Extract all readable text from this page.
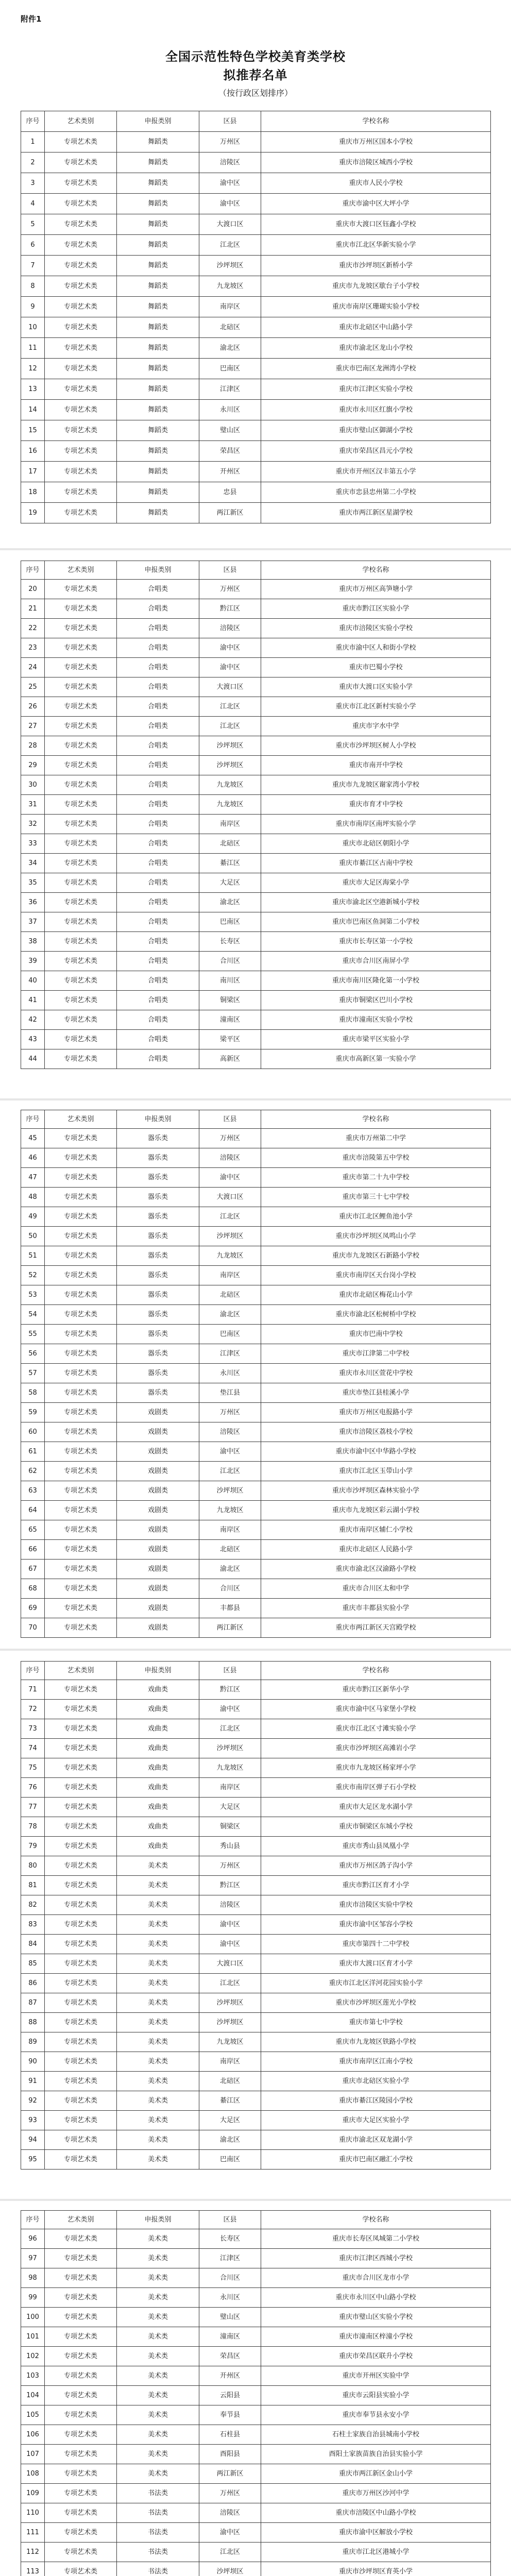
序号	艺术类别	申报类别	区县	学校名称
1	专项艺术类	舞蹈类	万州区	重庆市万州区国本小学校
2	专项艺术类	舞蹈类	涪陵区	重庆市涪陵区城西小学校
3	专项艺术类	舞蹈类	渝中区	重庆市人民小学校
4	专项艺术类	舞蹈类	渝中区	重庆市渝中区大坪小学
5	专项艺术类	舞蹈类	大渡口区	重庆市大渡口区钰鑫小学校
6	专项艺术类	舞蹈类	江北区	重庆市江北区华新实验小学
7	专项艺术类	舞蹈类	沙坪坝区	重庆市沙坪坝区新桥小学
8	专项艺术类	舞蹈类	九龙坡区	重庆市九龙坡区歇台子小学校
9	专项艺术类	舞蹈类	南岸区	重庆市南岸区珊瑚实验小学校
10	专项艺术类	舞蹈类	北碚区	重庆市北碚区中山路小学
11	专项艺术类	舞蹈类	渝北区	重庆市渝北区龙山小学校
12	专项艺术类	舞蹈类	巴南区	重庆市巴南区龙洲湾小学校
13	专项艺术类	舞蹈类	江津区	重庆市江津区实验小学校
14	专项艺术类	舞蹈类	永川区	重庆市永川区红旗小学校
15	专项艺术类	舞蹈类	璧山区	重庆市璧山区御湖小学校
16	专项艺术类	舞蹈类	荣昌区	重庆市荣昌区昌元小学校
17	专项艺术类	舞蹈类	开州区	重庆市开州区汉丰第五小学
18	专项艺术类	舞蹈类	忠县	重庆市忠县忠州第二小学校
19	专项艺术类	舞蹈类	两江新区	重庆市两江新区星湖学校
序号	艺术类别	申报类别	区县	学校名称
20	专项艺术类	合唱类	万州区	重庆市万州区高笋塘小学
21	专项艺术类	合唱类	黔江区	重庆市黔江区实验小学
22	专项艺术类	合唱类	涪陵区	重庆市涪陵区实验小学校
23	专项艺术类	合唱类	渝中区	重庆市渝中区人和街小学校
24	专项艺术类	合唱类	渝中区	重庆市巴蜀小学校
25	专项艺术类	合唱类	大渡口区	重庆市大渡口区实验小学
26	专项艺术类	合唱类	江北区	重庆市江北区新村实验小学
27	专项艺术类	合唱类	江北区	重庆市字水中学
28	专项艺术类	合唱类	沙坪坝区	重庆市沙坪坝区树人小学校
29	专项艺术类	合唱类	沙坪坝区	重庆市南开中学校
30	专项艺术类	合唱类	九龙坡区	重庆市九龙坡区谢家湾小学校
31	专项艺术类	合唱类	九龙坡区	重庆市育才中学校
32	专项艺术类	合唱类	南岸区	重庆市南岸区南坪实验小学
33	专项艺术类	合唱类	北碚区	重庆市北碚区朝阳小学
34	专项艺术类	合唱类	綦江区	重庆市綦江区古南中学校
35	专项艺术类	合唱类	大足区	重庆市大足区海棠小学
36	专项艺术类	合唱类	渝北区	重庆市渝北区空港新城小学校
37	专项艺术类	合唱类	巴南区	重庆市巴南区鱼洞第二小学校
38	专项艺术类	合唱类	长寿区	重庆市长寿区第一小学校
39	专项艺术类	合唱类	合川区	重庆市合川区南屏小学
40	专项艺术类	合唱类	南川区	重庆市南川区隆化第一小学校
41	专项艺术类	合唱类	铜梁区	重庆市铜梁区巴川小学校
42	专项艺术类	合唱类	潼南区	重庆市潼南区实验小学校
43	专项艺术类	合唱类	梁平区	重庆市梁平区实验小学
44	专项艺术类	合唱类	高新区	重庆市高新区第一实验小学
序号	艺术类别	申报类别	区县	学校名称
45	专项艺术类	器乐类	万州区	重庆市万州第二中学
46	专项艺术类	器乐类	涪陵区	重庆市涪陵第五中学校
47	专项艺术类	器乐类	渝中区	重庆市第二十九中学校
48	专项艺术类	器乐类	大渡口区	重庆市第三十七中学校
49	专项艺术类	器乐类	江北区	重庆市江北区鲤鱼池小学
50	专项艺术类	器乐类	沙坪坝区	重庆市沙坪坝区凤鸣山小学
51	专项艺术类	器乐类	九龙坡区	重庆市九龙坡区石新路小学校
52	专项艺术类	器乐类	南岸区	重庆市南岸区天台岗小学校
53	专项艺术类	器乐类	北碚区	重庆市北碚区梅花山小学
54	专项艺术类	器乐类	渝北区	重庆市渝北区松树桥中学校
55	专项艺术类	器乐类	巴南区	重庆市巴南中学校
56	专项艺术类	器乐类	江津区	重庆市江津第二中学校
57	专项艺术类	器乐类	永川区	重庆市永川区萱花中学校
58	专项艺术类	器乐类	垫江县	重庆市垫江县桂溪小学
59	专项艺术类	戏剧类	万州区	重庆市万州区电报路小学
60	专项艺术类	戏剧类	涪陵区	重庆市涪陵区荔枝小学校
61	专项艺术类	戏剧类	渝中区	重庆市渝中区中华路小学校
62	专项艺术类	戏剧类	江北区	重庆市江北区玉带山小学
63	专项艺术类	戏剧类	沙坪坝区	重庆市沙坪坝区森林实验小学
64	专项艺术类	戏剧类	九龙坡区	重庆市九龙坡区彩云湖小学校
65	专项艺术类	戏剧类	南岸区	重庆市南岸区辅仁小学校
66	专项艺术类	戏剧类	北碚区	重庆市北碚区人民路小学
67	专项艺术类	戏剧类	渝北区	重庆市渝北区汉渝路小学校
68	专项艺术类	戏剧类	合川区	重庆市合川区太和中学
69	专项艺术类	戏剧类	丰都县	重庆市丰都县实验小学
70	专项艺术类	戏剧类	两江新区	重庆市两江新区天宫殿学校
序号	艺术类别	申报类别	区县	学校名称
71	专项艺术类	戏曲类	黔江区	重庆市黔江区新华小学
72	专项艺术类	戏曲类	渝中区	重庆市渝中区马家堡小学校
73	专项艺术类	戏曲类	江北区	重庆市江北区寸滩实验小学
74	专项艺术类	戏曲类	沙坪坝区	重庆市沙坪坝区高滩岩小学
75	专项艺术类	戏曲类	九龙坡区	重庆市九龙坡区杨家坪小学
76	专项艺术类	戏曲类	南岸区	重庆市南岸区弹子石小学校
77	专项艺术类	戏曲类	大足区	重庆市大足区龙水湖小学
78	专项艺术类	戏曲类	铜梁区	重庆市铜梁区东城小学校
79	专项艺术类	戏曲类	秀山县	重庆市秀山县凤凰小学
80	专项艺术类	美术类	万州区	重庆市万州区鸽子沟小学
81	专项艺术类	美术类	黔江区	重庆市黔江区育才小学
82	专项艺术类	美术类	涪陵区	重庆市涪陵区实验中学校
83	专项艺术类	美术类	渝中区	重庆市渝中区邹容小学校
84	专项艺术类	美术类	渝中区	重庆市第四十二中学校
85	专项艺术类	美术类	大渡口区	重庆市大渡口区育才小学
86	专项艺术类	美术类	江北区	重庆市江北区洋河花园实验小学
87	专项艺术类	美术类	沙坪坝区	重庆市沙坪坝区莲光小学校
88	专项艺术类	美术类	沙坪坝区	重庆市第七中学校
89	专项艺术类	美术类	九龙坡区	重庆市九龙坡区铁路小学校
90	专项艺术类	美术类	南岸区	重庆市南岸区江南小学校
91	专项艺术类	美术类	北碚区	重庆市北碚区实验小学
92	专项艺术类	美术类	綦江区	重庆市綦江区陵园小学校
93	专项艺术类	美术类	大足区	重庆市大足区实验小学
94	专项艺术类	美术类	渝北区	重庆市渝北区双龙湖小学
95	专项艺术类	美术类	巴南区	重庆市巴南区融汇小学校
序号	艺术类别	申报类别	区县	学校名称
96	专项艺术类	美术类	长寿区	重庆市长寿区凤城第二小学校
97	专项艺术类	美术类	江津区	重庆市江津区西城小学校
98	专项艺术类	美术类	合川区	重庆市合川区龙市小学
99	专项艺术类	美术类	永川区	重庆市永川区中山路小学校
100	专项艺术类	美术类	璧山区	重庆市璧山区实验小学校
101	专项艺术类	美术类	潼南区	重庆市潼南区梓潼小学校
102	专项艺术类	美术类	荣昌区	重庆市荣昌区联升小学校
103	专项艺术类	美术类	开州区	重庆市开州区实验中学
104	专项艺术类	美术类	云阳县	重庆市云阳县实验小学
105	专项艺术类	美术类	奉节县	重庆市奉节县永安小学
106	专项艺术类	美术类	石柱县	石柱土家族自治县城南小学校
107	专项艺术类	美术类	酉阳县	酉阳土家族苗族自治县实验小学
108	专项艺术类	美术类	两江新区	重庆市两江新区金山小学
109	专项艺术类	书法类	万州区	重庆市万州区沙河中学
110	专项艺术类	书法类	涪陵区	重庆市涪陵区中山路小学校
111	专项艺术类	书法类	渝中区	重庆市渝中区解放小学校
112	专项艺术类	书法类	江北区	重庆市江北区港城小学
113	专项艺术类	书法类	沙坪坝区	重庆市沙坪坝区育英小学

附件1
全国示范性特色学校美育类学校
拟推荐名单
（按行政区划排序）
